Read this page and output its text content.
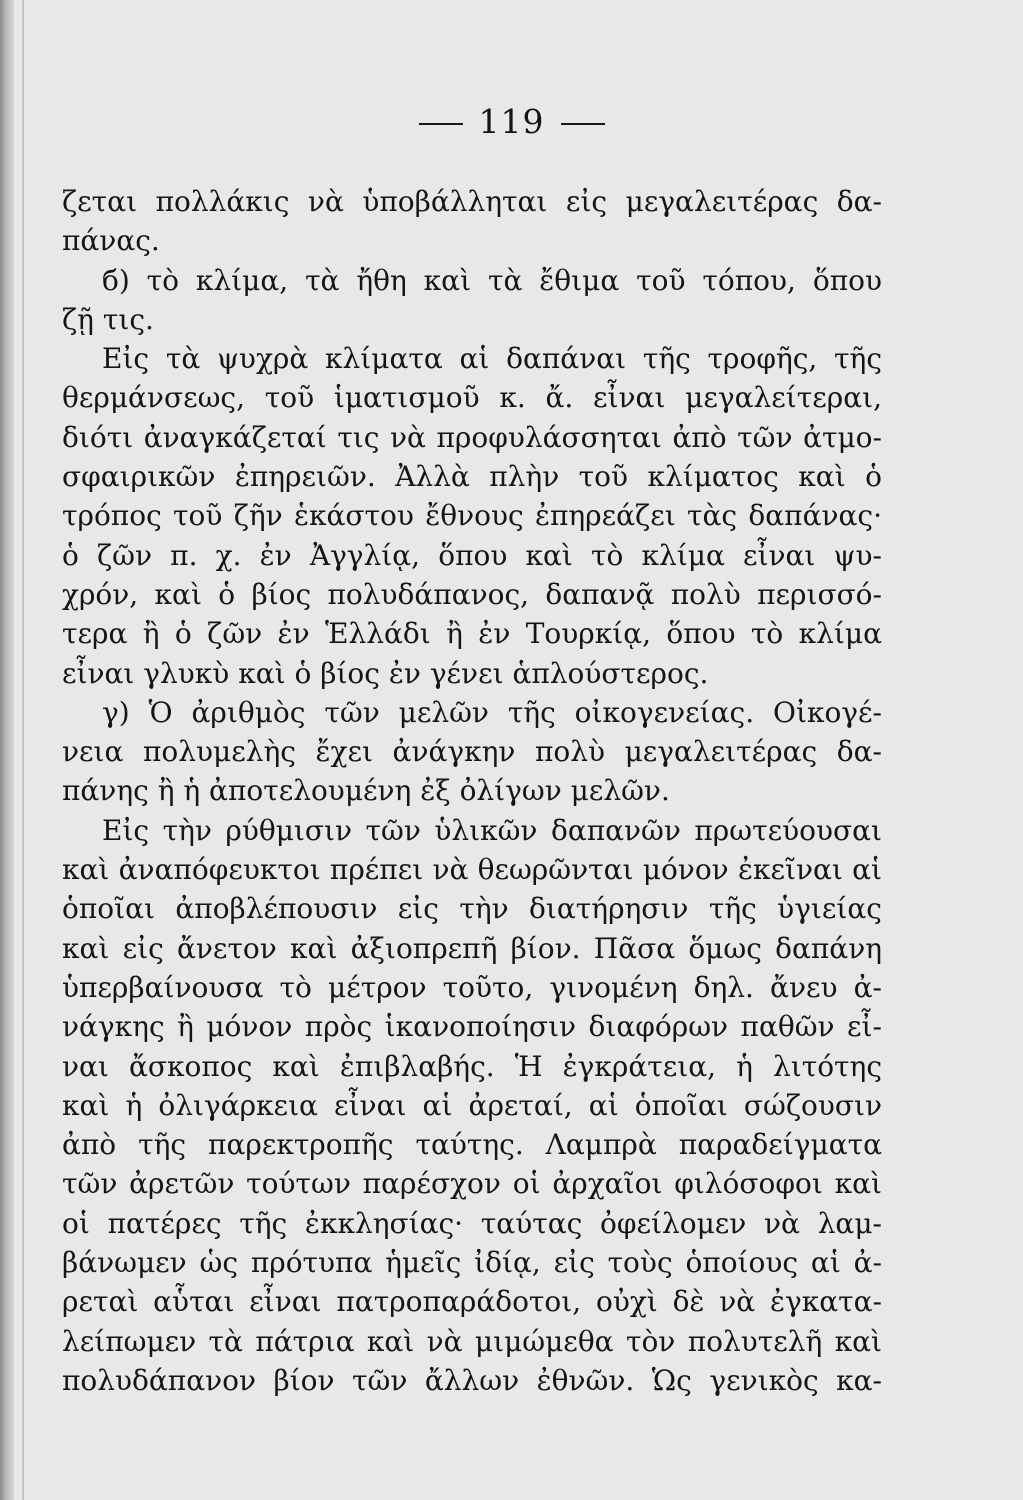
119
ζεται πολλάκις νὰ ὑποβάλληται εἰς μεγαλειτέρας δα-
πάνας.
б) τὸ κλίμα, τὰ ἤθη καὶ τὰ ἔθιμα τοῦ τόπου, ὅπου
ζῇ τις.
Εἰς τὰ ψυχρὰ κλίματα αἱ δαπάναι τῆς τροφῆς, τῆς
θερμάνσεως, τοῦ ἱματισμοῦ κ. ἄ. εἶναι μεγαλείτεραι,
διότι ἀναγκάζεταί τις νὰ προφυλάσσηται ἀπὸ τῶν ἀτμο-
σφαιρικῶν ἐπηρειῶν. Ἀλλὰ πλὴν τοῦ κλίματος καὶ ὁ
τρόπος τοῦ ζῆν ἑκάστου ἔθνους ἐπηρεάζει τὰς δαπάνας·
ὁ ζῶν π. χ. ἐν Ἀγγλίᾳ, ὅπου καὶ τὸ κλίμα εἶναι ψυ-
χρόν, καὶ ὁ βίος πολυδάπανος, δαπανᾷ πολὺ περισσό-
τερα ἢ ὁ ζῶν ἐν Ἑλλάδι ἢ ἐν Τουρκίᾳ, ὅπου τὸ κλίμα
εἶναι γλυκὺ καὶ ὁ βίος ἐν γένει ἁπλούστερος.
γ) Ὁ ἀριθμὸς τῶν μελῶν τῆς οἰκογενείας. Οἰκογέ-
νεια πολυμελὴς ἔχει ἀνάγκην πολὺ μεγαλειτέρας δα-
πάνης ἢ ἡ ἀποτελουμένη ἐξ ὀλίγων μελῶν.
Εἰς τὴν ρύθμισιν τῶν ὑλικῶν δαπανῶν πρωτεύουσαι
καὶ ἀναπόφευκτοι πρέπει νὰ θεωρῶνται μόνον ἐκεῖναι αἱ
ὁποῖαι ἀποβλέπουσιν εἰς τὴν διατήρησιν τῆς ὑγιείας
καὶ εἰς ἄνετον καὶ ἀξιοπρεπῆ βίον. Πᾶσα ὅμως δαπάνη
ὑπερβαίνουσα τὸ μέτρον τοῦτο, γινομένη δηλ. ἄνευ ἀ-
νάγκης ἢ μόνον πρὸς ἱκανοποίησιν διαφόρων παθῶν εἶ-
ναι ἄσκοπος καὶ ἐπιβλαβής. Ἡ ἐγκράτεια, ἡ λιτότης
καὶ ἡ ὀλιγάρκεια εἶναι αἱ ἀρεταί, αἱ ὁποῖαι σώζουσιν
ἀπὸ τῆς παρεκτροπῆς ταύτης. Λαμπρὰ παραδείγματα
τῶν ἀρετῶν τούτων παρέσχον οἱ ἀρχαῖοι φιλόσοφοι καὶ
οἱ πατέρες τῆς ἐκκλησίας· ταύτας ὀφείλομεν νὰ λαμ-
βάνωμεν ὡς πρότυπα ἡμεῖς ἰδίᾳ, εἰς τοὺς ὁποίους αἱ ἀ-
ρεταὶ αὗται εἶναι πατροπαράδοτοι, οὐχὶ δὲ νὰ ἐγκατα-
λείπωμεν τὰ πάτρια καὶ νὰ μιμώμεθα τὸν πολυτελῆ καὶ
πολυδάπανον βίον τῶν ἄλλων ἐθνῶν. Ὡς γενικὸς κα-
